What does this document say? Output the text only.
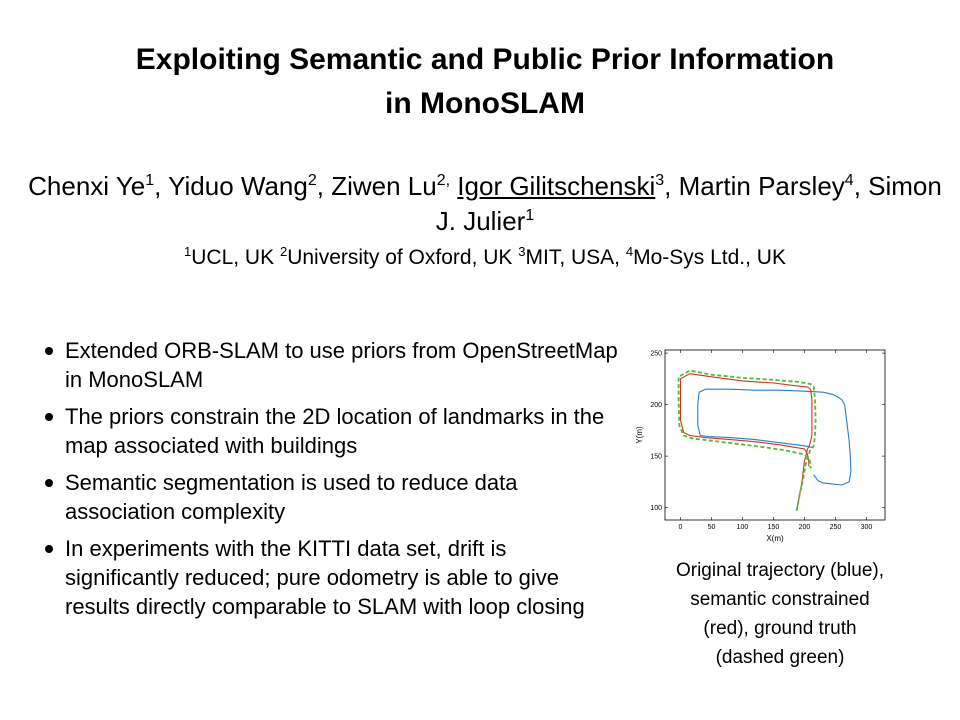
Exploiting Semantic and Public Prior Information
in MonoSLAM
Chenxi Ye$^1$, Yiduo Wang$^2$, Ziwen $Lu^{2,}$ Igor Gilitschenski$^3$, Martin Parsley$^4$, Simon J. Julier$^1$
$^1$UCL, UK $^2$University of Oxford, UK $^3$MIT, USA, $^4$Mo-Sys Ltd., UK
Extended ORB-SLAM to use priors from OpenStreetMap in MonoSLAM
The priors constrain the 2D location of landmarks in the map associated with buildings
Semantic segmentation is used to reduce data association complexity
In experiments with the KITTI data set, drift is significantly reduced; pure odometry is able to give results directly comparable to SLAM with loop closing
0	50	100	150	200	250	300
100
150
200
250
X(m)
Y(m)
Original trajectory (blue),
semantic constrained
(red), ground truth
(dashed green)
